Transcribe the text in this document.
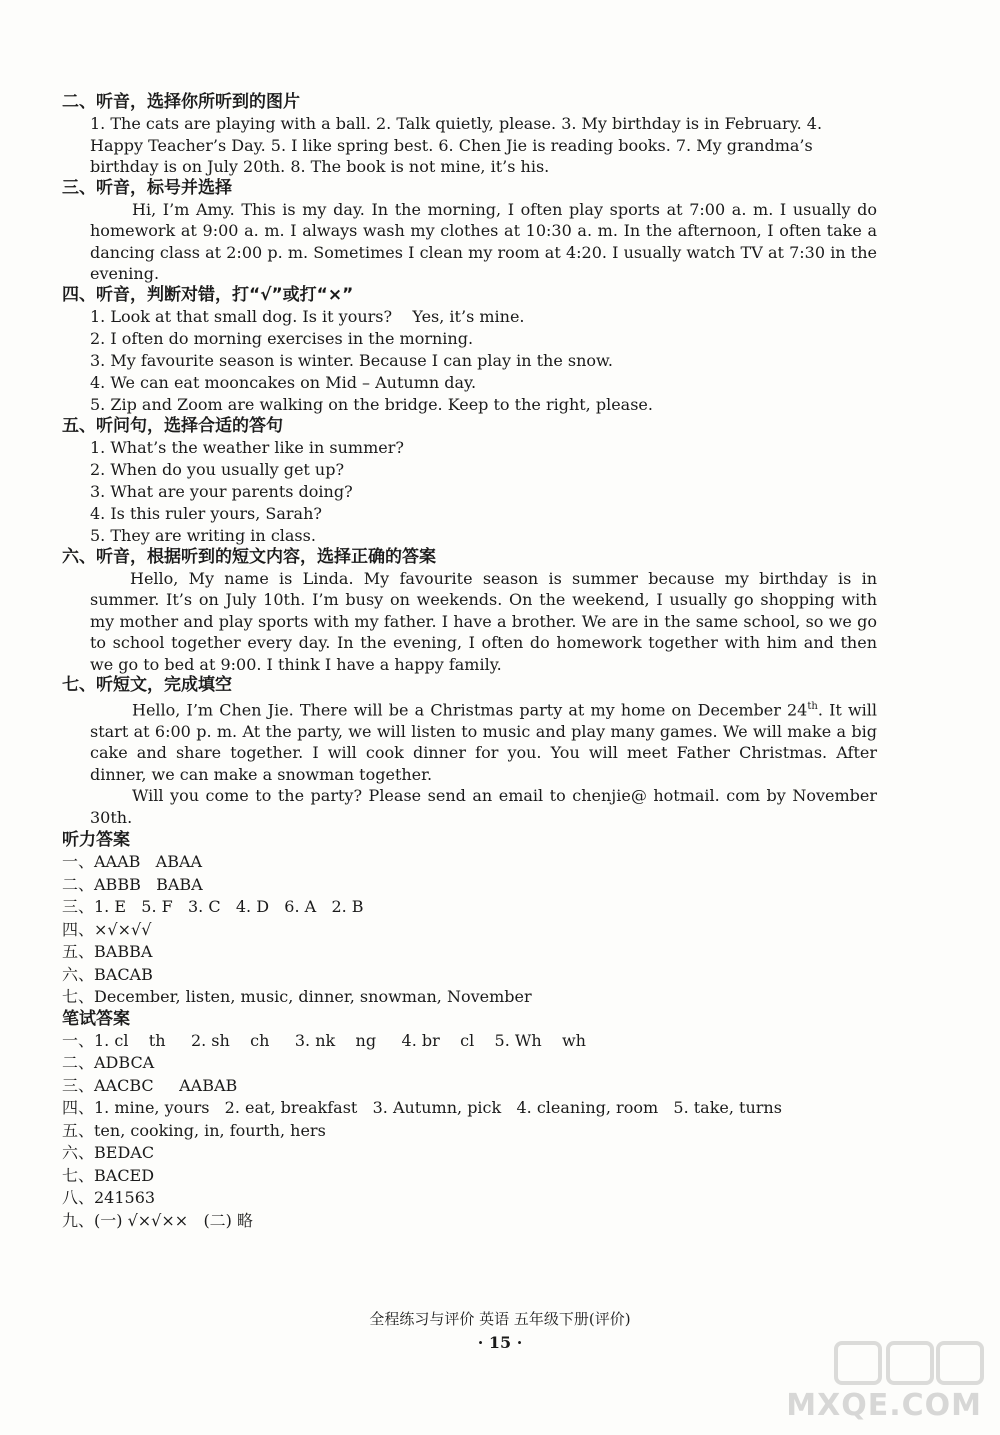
二、听音，选择你所听到的图片

1. The cats are playing with a ball. 2. Talk quietly, please. 3. My birthday is in February. 4.

Happy Teacher’s Day. 5. I like spring best. 6. Chen Jie is reading books. 7. My grandma’s

birthday is on July 20th. 8. The book is not mine, it’s his.

三、听音，标号并选择

Hi, I’m Amy. This is my day. In the morning, I often play sports at 7:00 a. m. I usually do homework at 9:00 a. m. I always wash my clothes at 10:30 a. m. In the afternoon, I often take a dancing class at 2:00 p. m. Sometimes I clean my room at 4:20. I usually watch TV at 7:30 in the evening.

四、听音，判断对错，打“√”或打“×”

1. Look at that small dog. Is it yours?    Yes, it’s mine.

2. I often do morning exercises in the morning.

3. My favourite season is winter. Because I can play in the snow.

4. We can eat mooncakes on Mid – Autumn day.

5. Zip and Zoom are walking on the bridge. Keep to the right, please.

五、听问句，选择合适的答句

1. What’s the weather like in summer?

2. When do you usually get up?

3. What are your parents doing?

4. Is this ruler yours, Sarah?

5. They are writing in class.

六、听音，根据听到的短文内容，选择正确的答案

Hello, My name is Linda. My favourite season is summer because my birthday is in summer. It’s on July 10th. I’m busy on weekends. On the weekend, I usually go shopping with my mother and play sports with my father. I have a brother. We are in the same school, so we go to school together every day. In the evening, I often do homework together with him and then we go to bed at 9:00. I think I have a happy family.

七、听短文，完成填空

Hello, I’m Chen Jie. There will be a Christmas party at my home on December 24th. It will start at 6:00 p. m. At the party, we will listen to music and play many games. We will make a big cake and share together. I will cook dinner for you. You will meet Father Christmas. After dinner, we can make a snowman together.

Will you come to the party? Please send an email to chenjie@ hotmail. com by November 30th.

听力答案

一、AAAB   ABAA

二、ABBB   BABA

三、1. E   5. F   3. C   4. D   6. A   2. B

四、×√×√√

五、BABBA

六、BACAB

七、December, listen, music, dinner, snowman, November

笔试答案

一、1. cl    th     2. sh    ch     3. nk    ng     4. br    cl    5. Wh    wh

二、ADBCA

三、AACBC     AABAB

四、1. mine, yours   2. eat, breakfast   3. Autumn, pick   4. cleaning, room   5. take, turns

五、ten, cooking, in, fourth, hers

六、BEDAC

七、BACED

八、241563

九、(一) √×√××   (二) 略

全程练习与评价 英语 五年级下册(评价)
· 15 ·
MXQE.COM
